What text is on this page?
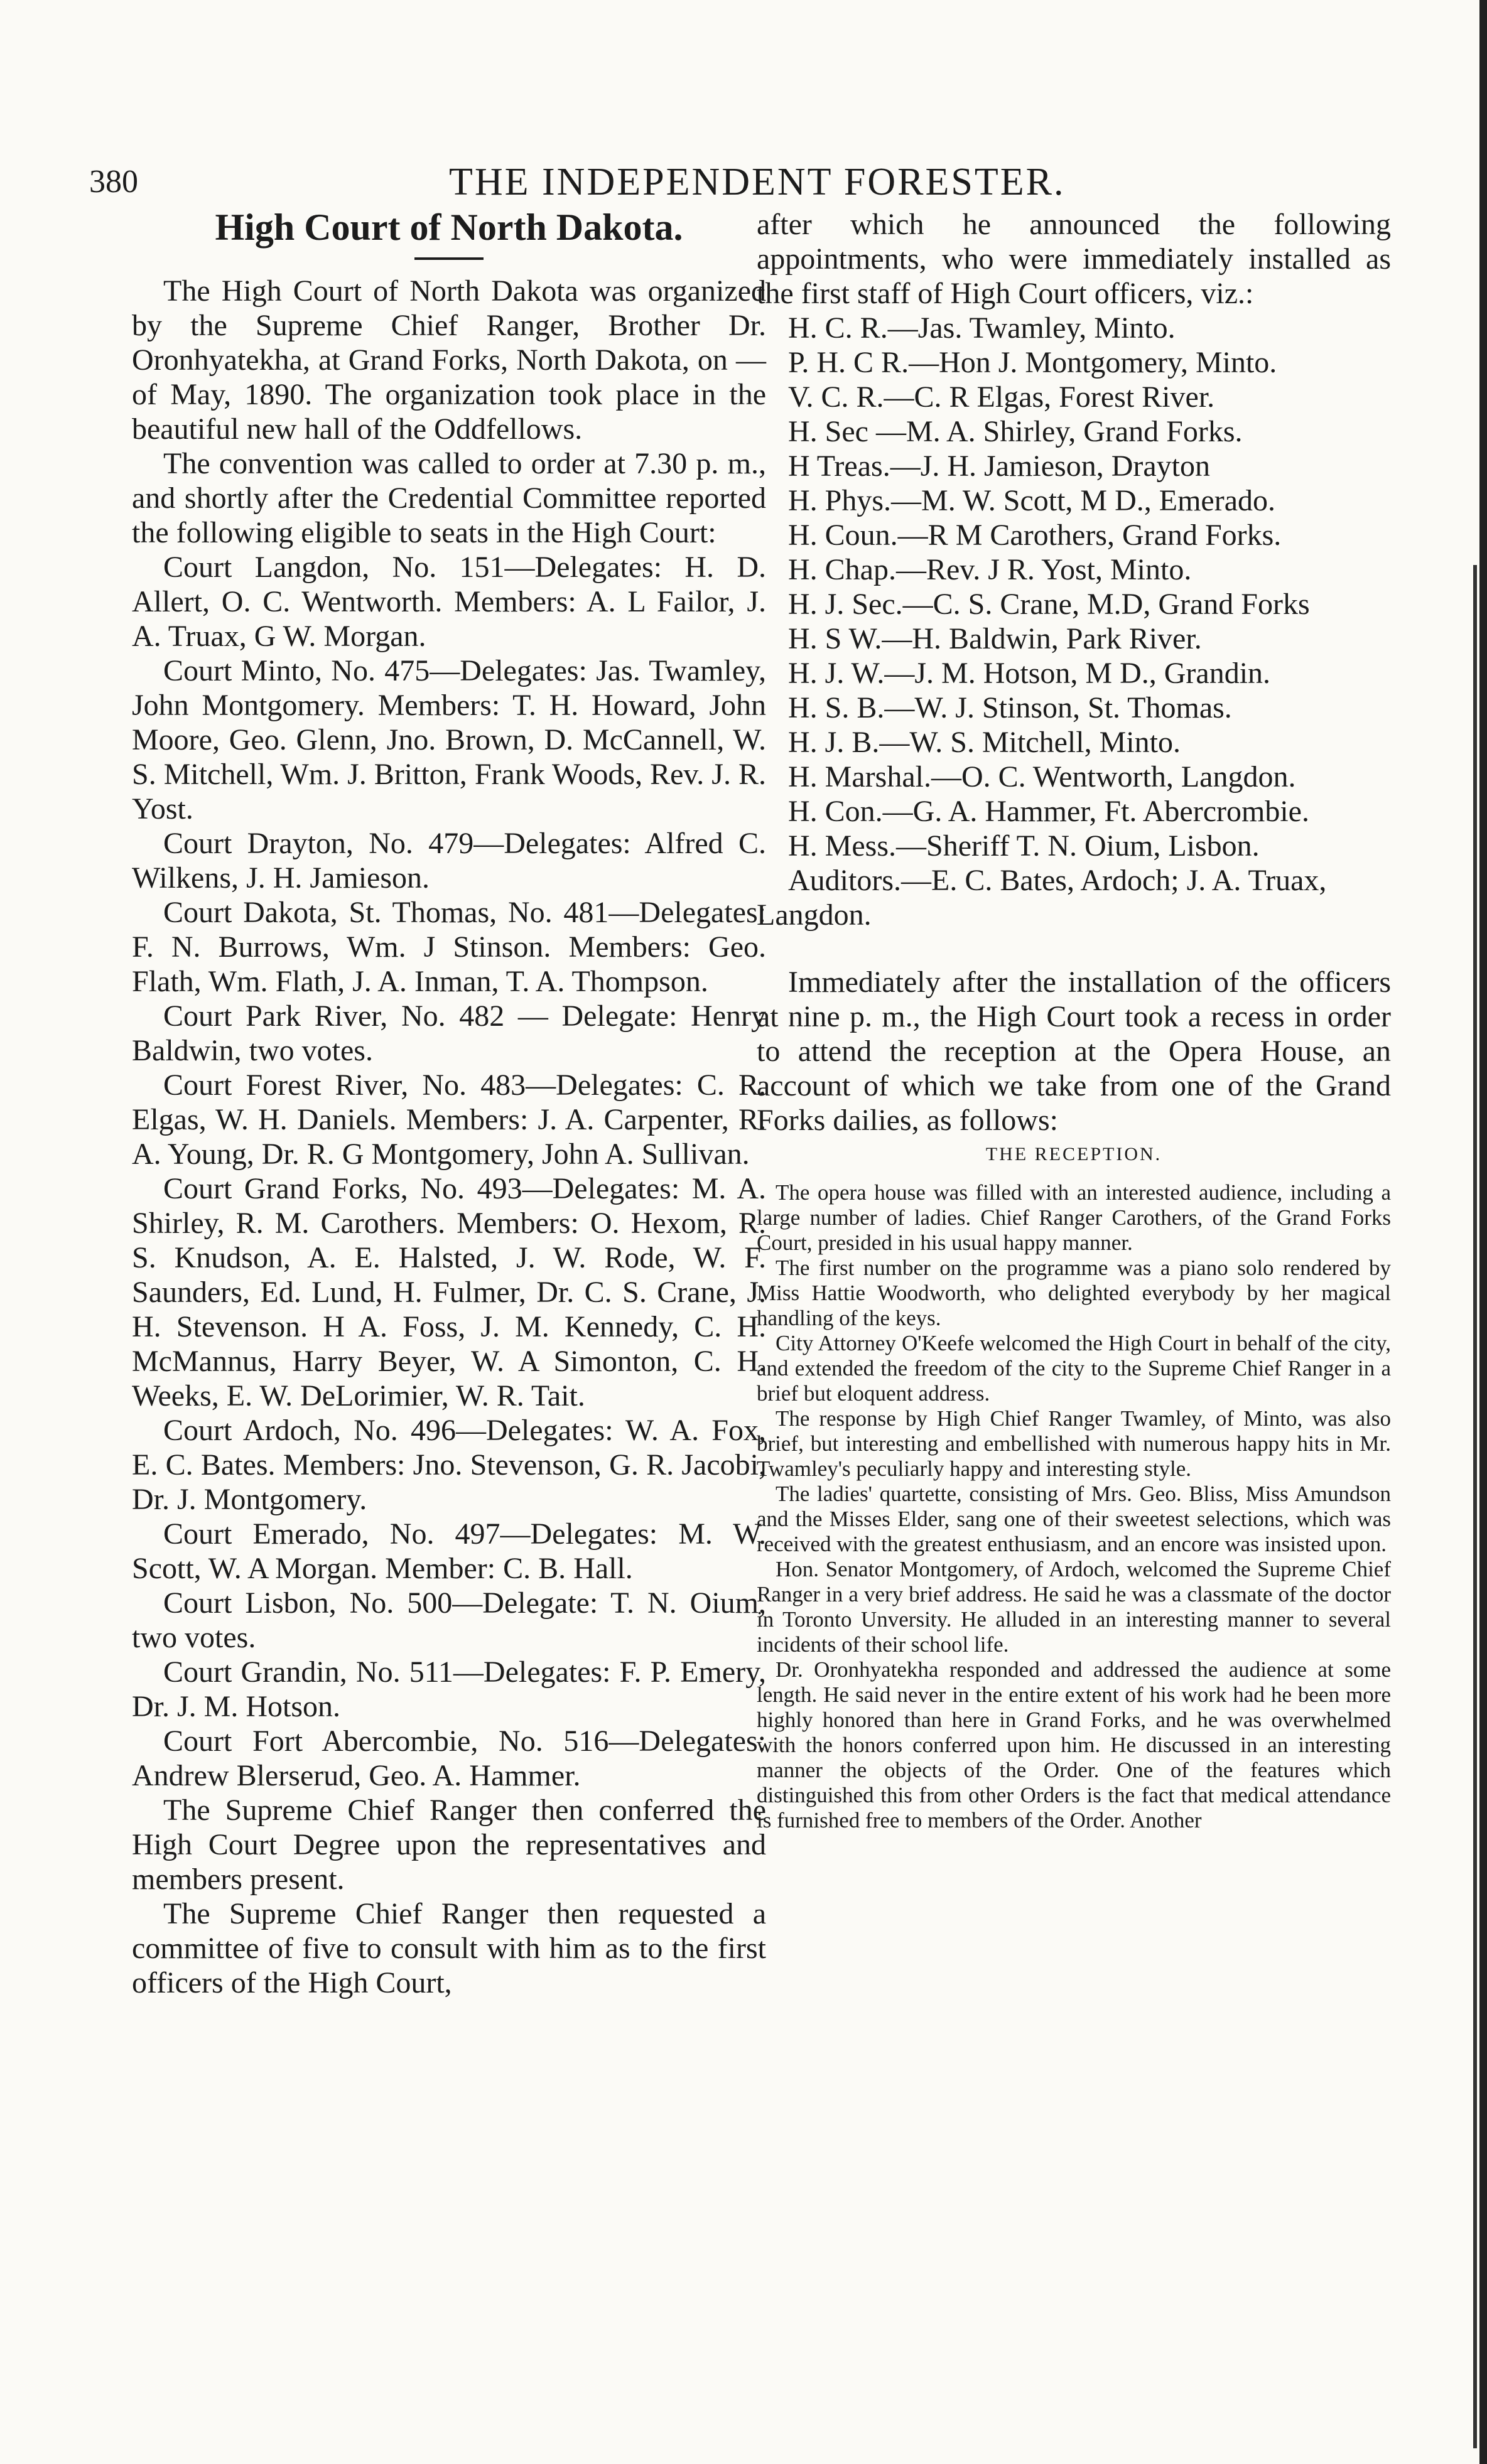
380	THE INDEPENDENT FORESTER.
High Court of North Dakota.

The High Court of North Dakota was organized by the Supreme Chief Ranger, Brother Dr. Oronhyatekha, at Grand Forks, North Dakota, on — of May, 1890. The organization took place in the beautiful new hall of the Oddfellows.

The convention was called to order at 7.30 p. m., and shortly after the Credential Committee reported the following eligible to seats in the High Court:

Court Langdon, No. 151—Delegates: H. D. Allert, O. C. Wentworth. Members: A. L Failor, J. A. Truax, G W. Morgan.

Court Minto, No. 475—Delegates: Jas. Twamley, John Montgomery. Members: T. H. Howard, John Moore, Geo. Glenn, Jno. Brown, D. McCannell, W. S. Mitchell, Wm. J. Britton, Frank Woods, Rev. J. R. Yost.

Court Drayton, No. 479—Delegates: Alfred C. Wilkens, J. H. Jamieson.

Court Dakota, St. Thomas, No. 481—Delegates: F. N. Burrows, Wm. J Stinson. Members: Geo. Flath, Wm. Flath, J. A. Inman, T. A. Thompson.

Court Park River, No. 482 — Delegate: Henry Baldwin, two votes.

Court Forest River, No. 483—Delegates: C. R. Elgas, W. H. Daniels. Members: J. A. Carpenter, R. A. Young, Dr. R. G Montgomery, John A. Sullivan.

Court Grand Forks, No. 493—Delegates: M. A. Shirley, R. M. Carothers. Members: O. Hexom, R. S. Knudson, A. E. Halsted, J. W. Rode, W. F. Saunders, Ed. Lund, H. Fulmer, Dr. C. S. Crane, J. H. Stevenson. H A. Foss, J. M. Kennedy, C. H. McMannus, Harry Beyer, W. A Simonton, C. H. Weeks, E. W. DeLorimier, W. R. Tait.

Court Ardoch, No. 496—Delegates: W. A. Fox, E. C. Bates. Members: Jno. Stevenson, G. R. Jacobi, Dr. J. Montgomery.

Court Emerado, No. 497—Delegates: M. W. Scott, W. A Morgan. Member: C. B. Hall.

Court Lisbon, No. 500—Delegate: T. N. Oium, two votes.

Court Grandin, No. 511—Delegates: F. P. Emery, Dr. J. M. Hotson.

Court Fort Abercombie, No. 516—Delegates: Andrew Blerserud, Geo. A. Hammer.

The Supreme Chief Ranger then conferred the High Court Degree upon the representatives and members present.

The Supreme Chief Ranger then requested a committee of five to consult with him as to the first officers of the High Court,

after which he announced the following appointments, who were immediately installed as the first staff of High Court officers, viz.:

H. C. R.—Jas. Twamley, Minto.

P. H. C R.—Hon J. Montgomery, Minto.

V. C. R.—C. R Elgas, Forest River.

H. Sec —M. A. Shirley, Grand Forks.

H Treas.—J. H. Jamieson, Drayton

H. Phys.—M. W. Scott, M D., Emerado.

H. Coun.—R M Carothers, Grand Forks.

H. Chap.—Rev. J R. Yost, Minto.

H. J. Sec.—C. S. Crane, M.D, Grand Forks

H. S W.—H. Baldwin, Park River.

H. J. W.—J. M. Hotson, M D., Grandin.

H. S. B.—W. J. Stinson, St. Thomas.

H. J. B.—W. S. Mitchell, Minto.

H. Marshal.—O. C. Wentworth, Langdon.

H. Con.—G. A. Hammer, Ft. Abercrombie.

H. Mess.—Sheriff T. N. Oium, Lisbon.

Auditors.—E. C. Bates, Ardoch; J. A. Truax, Langdon.

Immediately after the installation of the officers at nine p. m., the High Court took a recess in order to attend the reception at the Opera House, an account of which we take from one of the Grand Forks dailies, as follows:

THE RECEPTION.

The opera house was filled with an interested audience, including a large number of ladies. Chief Ranger Carothers, of the Grand Forks Court, presided in his usual happy manner.

The first number on the programme was a piano solo rendered by Miss Hattie Woodworth, who delighted everybody by her magical handling of the keys.

City Attorney O'Keefe welcomed the High Court in behalf of the city, and extended the freedom of the city to the Supreme Chief Ranger in a brief but eloquent address.

The response by High Chief Ranger Twamley, of Minto, was also brief, but interesting and embellished with numerous happy hits in Mr. Twamley's peculiarly happy and interesting style.

The ladies' quartette, consisting of Mrs. Geo. Bliss, Miss Amundson and the Misses Elder, sang one of their sweetest selections, which was received with the greatest enthusiasm, and an encore was insisted upon.

Hon. Senator Montgomery, of Ardoch, welcomed the Supreme Chief Ranger in a very brief address. He said he was a classmate of the doctor in Toronto Unversity. He alluded in an interesting manner to several incidents of their school life.

Dr. Oronhyatekha responded and addressed the audience at some length. He said never in the entire extent of his work had he been more highly honored than here in Grand Forks, and he was overwhelmed with the honors conferred upon him. He discussed in an interesting manner the objects of the Order. One of the features which distinguished this from other Orders is the fact that medical attendance is furnished free to members of the Order. Another
